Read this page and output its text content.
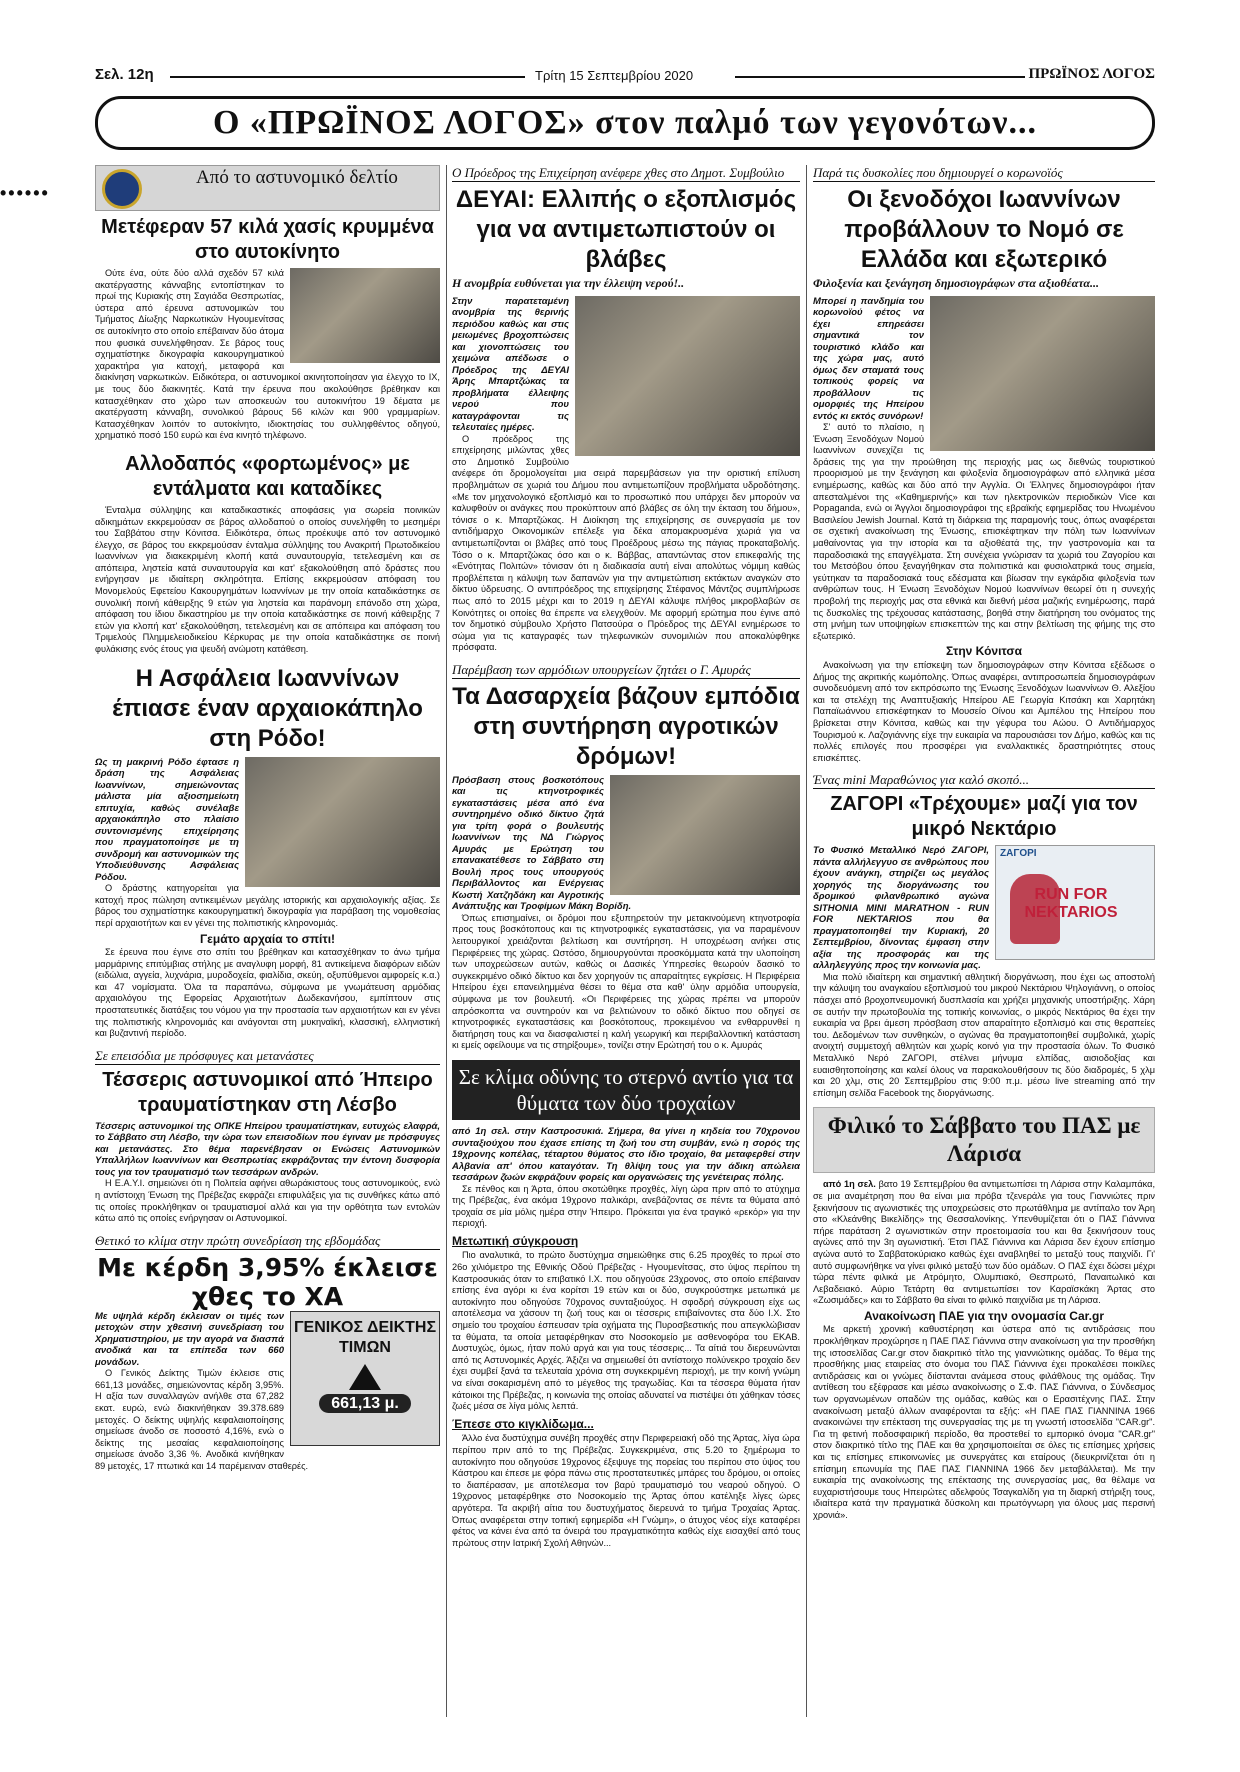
Σελ. 12η	Τρίτη 15 Σεπτεμβρίου 2020	ΠΡΩΪΝΟΣ ΛΟΓΟΣ
Ο «ΠΡΩΪΝΟΣ ΛΟΓΟΣ» στον παλμό των γεγονότων...
••••••
Από το αστυνομικό δελτίο
Μετέφεραν 57 κιλά χασίς κρυμμένα στο αυτοκίνητο

Ούτε ένα, ούτε δύο αλλά σχεδόν 57 κιλά ακατέργαστης κάνναβης εντοπίστηκαν το πρωί της Κυριακής στη Σαγιάδα Θεσπρωτίας, ύστερα από έρευνα αστυνομικών του Τμήματος Δίωξης Ναρκωτικών Ηγουμενίτσας σε αυτοκίνητο στο οποίο επέβαιναν δύο άτομα που φυσικά συνελήφθησαν. Σε βάρος τους σχηματίστηκε δικογραφία κακουργηματικού χαρακτήρα για κατοχή, μεταφορά και διακίνηση ναρκωτικών. Ειδικότερα, οι αστυνομικοί ακινητοποίησαν για έλεγχο το ΙΧ, με τους δύο διακινητές. Κατά την έρευνα που ακολούθησε βρέθηκαν και κατασχέθηκαν στο χώρο των αποσκευών του αυτοκινήτου 19 δέματα με ακατέργαστη κάνναβη, συνολικού βάρους 56 κιλών και 900 γραμμαρίων. Κατασχέθηκαν λοιπόν το αυτοκίνητο, ιδιοκτησίας του συλληφθέντος οδηγού, χρηματικό ποσό 150 ευρώ και ένα κινητό τηλέφωνο.

Αλλοδαπός «φορτωμένος» με εντάλματα και καταδίκες

Ένταλμα σύλληψης και καταδικαστικές αποφάσεις για σωρεία ποινικών αδικημάτων εκκρεμούσαν σε βάρος αλλοδαπού ο οποίος συνελήφθη το μεσημέρι του Σαββάτου στην Κόνιτσα. Ειδικότερα, όπως προέκυψε από τον αστυνομικό έλεγχο, σε βάρος του εκκρεμούσαν ένταλμα σύλληψης του Ανακριτή Πρωτοδικείου Ιωαννίνων για διακεκριμένη κλοπή κατά συναυτουργία, τετελεσμένη και σε απόπειρα, ληστεία κατά συναυτουργία και κατ' εξακολούθηση από δράστες που ενήργησαν με ιδιαίτερη σκληρότητα. Επίσης εκκρεμούσαν απόφαση του Μονομελούς Εφετείου Κακουργημάτων Ιωαννίνων με την οποία καταδικάστηκε σε συνολική ποινή κάθειρξης 9 ετών για ληστεία και παράνομη επάνοδο στη χώρα, απόφαση του ίδιου δικαστηρίου με την οποία καταδικάστηκε σε ποινή κάθειρξης 7 ετών για κλοπή κατ' εξακολούθηση, τετελεσμένη και σε απόπειρα και απόφαση του Τριμελούς Πλημμελειοδικείου Κέρκυρας με την οποία καταδικάστηκε σε ποινή φυλάκισης ενός έτους για ψευδή ανώμοτη κατάθεση.

Η Ασφάλεια Ιωαννίνων έπιασε έναν αρχαιοκάπηλο στη Ρόδο!

Ως τη μακρινή Ρόδο έφτασε η δράση της Ασφάλειας Ιωαννίνων, σημειώνοντας μάλιστα μία αξιοσημείωτη επιτυχία, καθώς συνέλαβε αρχαιοκάπηλο στο πλαίσιο συντονισμένης επιχείρησης που πραγματοποίησε με τη συνδρομή και αστυνομικών της Υποδιεύθυνσης Ασφάλειας Ρόδου.

Ο δράστης κατηγορείται για κατοχή προς πώληση αντικειμένων μεγάλης ιστορικής και αρχαιολογικής αξίας. Σε βάρος του σχηματίστηκε κακουργηματική δικογραφία για παράβαση της νομοθεσίας περί αρχαιοτήτων και εν γένει της πολιτιστικής κληρονομιάς.

Γεμάτο αρχαία το σπίτι!

Σε έρευνα που έγινε στο σπίτι του βρέθηκαν και κατασχέθηκαν το άνω τμήμα μαρμάρινης επιτύμβιας στήλης με αναγλυφη μορφή, 81 αντικείμενα διαφόρων ειδών (ειδώλια, αγγεία, λυχνάρια, μυροδοχεία, φιαλίδια, σκεύη, οξυπύθμενοι αμφορείς κ.α.) και 47 νομίσματα. Όλα τα παραπάνω, σύμφωνα με γνωμάτευση αρμόδιας αρχαιολόγου της Εφορείας Αρχαιοτήτων Δωδεκανήσου, εμπίπτουν στις προστατευτικές διατάξεις του νόμου για την προστασία των αρχαιοτήτων και εν γένει της πολιτιστικής κληρονομιάς και ανάγονται στη μυκηναϊκή, κλασσική, ελληνιστική και βυζαντινή περίοδο.

Σε επεισόδια με πρόσφυγες και μετανάστες
Τέσσερις αστυνομικοί από Ήπειρο τραυματίστηκαν στη Λέσβο

Τέσσερις αστυνομικοί της ΟΠΚΕ Ηπείρου τραυματίστηκαν, ευτυχώς ελαφρά, το Σάββατο στη Λέσβο, την ώρα των επεισοδίων που έγιναν με πρόσφυγες και μετανάστες. Στο θέμα παρενέβησαν οι Ενώσεις Αστυνομικών Υπαλλήλων Ιωαννίνων και Θεσπρωτίας εκφράζοντας την έντονη δυσφορία τους για τον τραυματισμό των τεσσάρων ανδρών.

Η Ε.Α.Υ.Ι. σημειώνει ότι η Πολιτεία αφήνει αθωράκιστους τους αστυνομικούς, ενώ η αντίστοιχη Ένωση της Πρέβεζας εκφράζει επιφυλάξεις για τις συνθήκες κάτω από τις οποίες προκλήθηκαν οι τραυματισμοί αλλά και για την ορθότητα των εντολών κάτω από τις οποίες ενήργησαν οι Αστυνομικοί.

Θετικό το κλίμα στην πρώτη συνεδρίαση της εβδομάδας
Με κέρδη 3,95% έκλεισε χθες το ΧΑ
ΓΕΝΙΚΟΣ ΔΕΙΚΤΗΣ ΤΙΜΩΝ
661,13 μ.

Με υψηλά κέρδη έκλεισαν οι τιμές των μετοχών στην χθεσινή συνεδρίαση του Χρηματιστηρίου, με την αγορά να διασπά ανοδικά και τα επίπεδα των 660 μονάδων.

Ο Γενικός Δείκτης Τιμών έκλεισε στις 661,13 μονάδες, σημειώνοντας κέρδη 3,95%. Η αξία των συναλλαγών ανήλθε στα 67,282 εκατ. ευρώ, ενώ διακινήθηκαν 39.378.689 μετοχές. Ο δείκτης υψηλής κεφαλαιοποίησης σημείωσε άνοδο σε ποσοστό 4,16%, ενώ ο δείκτης της μεσαίας κεφαλαιοποίησης σημείωσε άνοδο 3,36 %. Ανοδικά κινήθηκαν 89 μετοχές, 17 πτωτικά και 14 παρέμειναν σταθερές.

Ο Πρόεδρος της Επιχείρηση ανέφερε χθες στο Δημοτ. Συμβούλιο
ΔΕΥΑΙ: Ελλιπής ο εξοπλισμός για να αντιμετωπιστούν οι βλάβες
Η ανομβρία ευθύνεται για την έλλειψη νερού!..

Στην παρατεταμένη ανομβρία της θερινής περιόδου καθώς και στις μειωμένες βροχοπτώσεις και χιονοπτώσεις του χειμώνα απέδωσε ο Πρόεδρος της ΔΕΥΑΙ Άρης Μπαρτζώκας τα προβλήματα έλλειψης νερού που καταγράφονται τις τελευταίες ημέρες.

Ο πρόεδρος της επιχείρησης μιλώντας χθες στο Δημοτικό Συμβούλιο ανέφερε ότι δρομολογείται μια σειρά παρεμβάσεων για την οριστική επίλυση προβλημάτων σε χωριά του Δήμου που αντιμετωπίζουν προβλήματα υδροδότησης. «Με τον μηχανολογικό εξοπλισμό και το προσωπικό που υπάρχει δεν μπορούν να καλυφθούν οι ανάγκες που προκύπτουν από βλάβες σε όλη την έκταση του δήμου», τόνισε ο κ. Μπαρτζώκας. Η Διοίκηση της επιχείρησης σε συνεργασία με τον αντιδήμαρχο Οικονομικών επέλεξε για δέκα απομακρυσμένα χωριά για να αντιμετωπίζονται οι βλάβες από τους Προέδρους μέσω της πάγιας προκαταβολής. Τόσο ο κ. Μπαρτζώκας όσο και ο κ. Βάββας, απαντώντας στον επικεφαλής της «Ενότητας Πολιτών» τόνισαν ότι η διαδικασία αυτή είναι απολύτως νόμιμη καθώς προβλέπεται η κάλυψη των δαπανών για την αντιμετώπιση εκτάκτων αναγκών στο δίκτυο ύδρευσης. Ο αντιπρόεδρος της επιχείρησης Στέφανος Μάντζος συμπλήρωσε πως από το 2015 μέχρι και το 2019 η ΔΕΥΑΙ κάλυψε πλήθος μικροβλαβών σε Κοινότητες οι οποίες θα έπρεπε να ελεγχθούν. Με αφορμή ερώτημα που έγινε από τον δημοτικό σύμβουλο Χρήστο Πατσούρα ο Πρόεδρος της ΔΕΥΑΙ ενημέρωσε το σώμα για τις καταγραφές των τηλεφωνικών συνομιλιών που αποκαλύφθηκε πρόσφατα.

Παρέμβαση των αρμόδιων υπουργείων ζητάει ο Γ. Αμυράς
Τα Δασαρχεία βάζουν εμπόδια στη συντήρηση αγροτικών δρόμων!

Πρόσβαση στους βοσκοτόπους και τις κτηνοτροφικές εγκαταστάσεις μέσα από ένα συντηρημένο οδικό δίκτυο ζητά για τρίτη φορά ο βουλευτής Ιωαννίνων της ΝΔ Γιώργος Αμυράς με Ερώτηση του επανακατέθεσε το Σάββατο στη Βουλή προς τους υπουργούς Περιβάλλοντος και Ενέργειας Κωστή Χατζηδάκη και Αγροτικής Ανάπτυξης και Τροφίμων Μάκη Βορίδη.

Όπως επισημαίνει, οι δρόμοι που εξυπηρετούν την μετακινούμενη κτηνοτροφία προς τους βοσκότοπους και τις κτηνοτροφικές εγκαταστάσεις, για να παραμένουν λειτουργικοί χρειάζονται βελτίωση και συντήρηση. Η υποχρέωση ανήκει στις Περιφέρειες της χώρας. Ωστόσο, δημιουργούνται προσκόμματα κατά την υλοποίηση των υποχρεώσεων αυτών, καθώς οι Δασικές Υπηρεσίες θεωρούν δασικό το συγκεκριμένο οδικό δίκτυο και δεν χορηγούν τις απαραίτητες εγκρίσεις. Η Περιφέρεια Ηπείρου έχει επανειλημμένα θέσει το θέμα στα καθ' ύλην αρμόδια υπουργεία, σύμφωνα με τον βουλευτή. «Οι Περιφέρειες της χώρας πρέπει να μπορούν απρόσκοπτα να συντηρούν και να βελτιώνουν το οδικό δίκτυο που οδηγεί σε κτηνοτροφικές εγκαταστάσεις και βοσκότοπους, προκειμένου να ενθαρρυνθεί η διατήρηση τους και να διασφαλιστεί η καλή γεωργική και περιβαλλοντική κατάσταση κι εμείς οφείλουμε να τις στηρίξουμε», τονίζει στην Ερώτησή του ο κ. Αμυράς

Σε κλίμα οδύνης το στερνό αντίο για τα θύματα των δύο τροχαίων

από 1η σελ. στην Καστροσυκιά. Σήμερα, θα γίνει η κηδεία του 70χρονου συνταξιούχου που έχασε επίσης τη ζωή του στη συμβάν, ενώ η σορός της 19χρονης κοπέλας, τέταρτου θύματος στο ίδιο τροχαίο, θα μεταφερθεί στην Αλβανία απ' όπου καταγόταν. Τη θλίψη τους για την άδικη απώλεια τεσσάρων ζωών εκφράζουν φορείς και οργανώσεις της γενέτειρας πόλης.

Σε πένθος και η Άρτα, όπου σκοτώθηκε προχθές, λίγη ώρα πριν από το ατύχημα της Πρέβεζας, ένα ακόμα 19χρονο παλικάρι, ανεβάζοντας σε πέντε τα θύματα από τροχαία σε μία μόλις ημέρα στην Ήπειρο. Πρόκειται για ένα τραγικό «ρεκόρ» για την περιοχή.

Μετωπική σύγκρουση

Πιο αναλυτικά, το πρώτο δυστύχημα σημειώθηκε στις 6.25 προχθές το πρωί στο 26ο χιλιόμετρο της Εθνικής Οδού Πρέβεζας - Ηγουμενίτσας, στο ύψος περίπου τη Καστροσυκιάς όταν το επιβατικό Ι.Χ. που οδηγούσε 23χρονος, στο οποίο επέβαιναν επίσης ένα αγόρι κι ένα κορίτσι 19 ετών και οι δύο, συγκρούστηκε μετωπικά με αυτοκίνητο που οδηγούσε 70χρονος συνταξιούχος. Η σφοδρή σύγκρουση είχε ως αποτέλεσμα να χάσουν τη ζωή τους και οι τέσσερις επιβαίνοντες στα δύο Ι.Χ. Στο σημείο του τροχαίου έσπευσαν τρία οχήματα της Πυροσβεστικής που απεγκλώβισαν τα θύματα, τα οποία μεταφέρθηκαν στο Νοσοκομείο με ασθενοφόρα του ΕΚΑΒ. Δυστυχώς, όμως, ήταν πολύ αργά και για τους τέσσερις... Τα αίτιά του διερευνώνται από τις Αστυνομικές Αρχές. Άξιζει να σημειωθεί ότι αντίστοιχο πολύνεκρο τροχαίο δεν έχει συμβεί ξανά τα τελευταία χρόνια στη συγκεκριμένη περιοχή, με την κοινή γνώμη να είναι σοκαρισμένη από το μέγεθος της τραγωδίας. Και τα τέσσερα θύματα ήταν κάτοικοι της Πρέβεζας, η κοινωνία της οποίας αδυνατεί να πιστέψει ότι χάθηκαν τόσες ζωές μέσα σε λίγα μόλις λεπτά.

Έπεσε στο κιγκλίδωμα...

Άλλο ένα δυστύχημα συνέβη προχθές στην Περιφερειακή οδό της Άρτας, λίγα ώρα περίπου πριν από το της Πρέβεζας. Συγκεκριμένα, στις 5.20 το ξημέρωμα το αυτοκίνητο που οδηγούσε 19χρονος έξεψυγε της πορείας του περίπου στο ύψος του Κάστρου και έπεσε με φόρα πάνω στις προστατευτικές μπάρες του δρόμου, οι οποίες το διαπέρασαν, με αποτέλεσμα τον βαρύ τραυματισμό του νεαρού οδηγού. Ο 19χρονος μεταφέρθηκε στο Νοσοκομείο της Άρτας όπου κατέληξε λίγες ώρες αργότερα. Τα ακριβή αίτια του δυστυχήματος διερευνά το τμήμα Τροχαίας Άρτας. Όπως αναφέρεται στην τοπική εφημερίδα «Η Γνώμη», ο άτυχος νέος είχε καταφέρει φέτος να κάνει ένα από τα όνειρά του πραγματικότητα καθώς είχε εισαχθεί από τους πρώτους στην Ιατρική Σχολή Αθηνών...

Παρά τις δυσκολίες που δημιουργεί ο κορωνοϊός
Οι ξενοδόχοι Ιωαννίνων προβάλλουν το Νομό σε Ελλάδα και εξωτερικό
Φιλοξενία και ξενάγηση δημοσιογράφων στα αξιοθέατα...

Μπορεί η πανδημία του κορωνοϊού φέτος να έχει επηρεάσει σημαντικά τον τουριστικό κλάδο και της χώρα μας, αυτό όμως δεν σταματά τους τοπικούς φορείς να προβάλλουν τις ομορφιές της Ηπείρου εντός κι εκτός συνόρων!

Σ' αυτό το πλαίσιο, η Ένωση Ξενοδόχων Νομού Ιωαννίνων συνεχίζει τις δράσεις της για την προώθηση της περιοχής μας ως διεθνώς τουριστικού προορισμού με την ξενάγηση και φιλοξενία δημοσιογράφων από ελληνικά μέσα ενημέρωσης, καθώς και δύο από την Αγγλία. Οι Έλληνες δημοσιογράφοι ήταν απεσταλμένοι της «Καθημερινής» και των ηλεκτρονικών περιοδικών Vice και Popaganda, ενώ οι Άγγλοι δημοσιογράφοι της εβραϊκής εφημερίδας του Ηνωμένου Βασιλείου Jewish Journal. Κατά τη διάρκεια της παραμονής τους, όπως αναφέρεται σε σχετική ανακοίνωση της Ένωσης, επισκέφτηκαν την πόλη των Ιωαννίνων μαθαίνοντας για την ιστορία και τα αξιοθέατά της, την γαστρονομία και τα παραδοσιακά της επαγγέλματα. Στη συνέχεια γνώρισαν τα χωριά του Ζαγορίου και του Μετσόβου όπου ξεναγήθηκαν στα πολιτιστικά και φυσιολατρικά τους σημεία, γεύτηκαν τα παραδοσιακά τους εδέσματα και βίωσαν την εγκάρδια φιλοξενία των ανθρώπων τους. Η Ένωση Ξενοδόχων Νομού Ιωαννίνων θεωρεί ότι η συνεχής προβολή της περιοχής μας στα εθνικά και διεθνή μέσα μαζικής ενημέρωσης, παρά τις δυσκολίες της τρέχουσας κατάστασης, βοηθά στην διατήρηση του ονόματος της στη μνήμη των υποψηφίων επισκεπτών της και στην βελτίωση της φήμης της στο εξωτερικό.

Στην Κόνιτσα

Ανακοίνωση για την επίσκεψη των δημοσιογράφων στην Κόνιτσα εξέδωσε ο Δήμος της ακριτικής κωμόπολης. Όπως αναφέρει, αντιπροσωπεία δημοσιογράφων συνοδευόμενη από τον εκπρόσωπο της Ένωσης Ξενοδόχων Ιωαννίνων Θ. Αλεξίου και τα στελέχη της Αναπτυξιακής Ηπείρου ΑΕ Γεωργία Κιτσάκη και Χαρητάκη Παπαϊωάννου επισκέφτηκαν το Μουσείο Οίνου και Αμπέλου της Ηπείρου που βρίσκεται στην Κόνιτσα, καθώς και την γέφυρα του Αώου. Ο Αντιδήμαρχος Τουρισμού κ. Λαζογιάννης είχε την ευκαιρία να παρουσιάσει τον Δήμο, καθώς και τις πολλές επιλογές που προσφέρει για εναλλακτικές δραστηριότητες στους επισκέπτες.

Ένας mini Μαραθώνιος για καλό σκοπό...
ΖΑΓΟΡΙ «Τρέχουμε» μαζί για τον μικρό Νεκτάριο
ΖΑΓΟΡΙ
RUN FOR NEKTARIOS

Το Φυσικό Μεταλλικό Νερό ΖΑΓΟΡΙ, πάντα αλλήλεγγυο σε ανθρώπους που έχουν ανάγκη, στηρίζει ως μεγάλος χορηγός της διοργάνωσης του δρομικού φιλανθρωπικό αγώνα SITHONIA MINI MARATHON - RUN FOR NEKTARIOS που θα πραγματοποιηθεί την Κυριακή, 20 Σεπτεμβρίου, δίνοντας έμφαση στην αξία της προσφοράς και της αλληλεγγύης προς την κοινωνία μας.

Μια πολύ ιδιαίτερη και σημαντική αθλητική διοργάνωση, που έχει ως αποστολή την κάλυψη του αναγκαίου εξοπλισμού του μικρού Νεκτάριου Ψηλογιάννη, ο οποίος πάσχει από βροχοπνευμονική δυσπλασία και χρήζει μηχανικής υποστήριξης. Χάρη σε αυτήν την πρωτοβουλία της τοπικής κοινωνίας, ο μικρός Νεκτάριος θα έχει την ευκαιρία να βρει άμεση πρόσβαση στον απαραίτητο εξοπλισμό και στις θεραπείες του. Δεδομένων των συνθηκών, ο αγώνας θα πραγματοποιηθεί συμβολικά, χωρίς ανοιχτή συμμετοχή αθλητών και χωρίς κοινό για την προστασία όλων. Το Φυσικό Μεταλλικό Νερό ΖΑΓΟΡΙ, στέλνει μήνυμα ελπίδας, αισιοδοξίας και ευαισθητοποίησης και καλεί όλους να παρακολουθήσουν τις δύο διαδρομές, 5 χλμ και 20 χλμ, στις 20 Σεπτεμβρίου στις 9:00 π.μ. μέσω live streaming από την επίσημη σελίδα Facebook της διοργάνωσης.

Φιλικό το Σάββατο του ΠΑΣ με Λάρισα

από 1η σελ. βατο 19 Σεπτεμβρίου θα αντιμετωπίσει τη Λάρισα στην Καλαμπάκα, σε μια αναμέτρηση που θα είναι μια πρόβα τζενεράλε για τους Γιαννιώτες πριν ξεκινήσουν τις αγωνιστικές της υποχρεώσεις στο πρωτάθλημα με αντίπαλο τον Άρη στο «Κλεάνθης Βικελίδης» της Θεσσαλονίκης. Υπενθυμίζεται ότι ο ΠΑΣ Γιάννινα πήρε παράταση 2 αγωνιστικών στην προετοιμασία του και θα ξεκινήσουν τους αγώνες από την 3η αγωνιστική. Έτσι ΠΑΣ Γιάννινα και Λάρισα δεν έχουν επίσημο αγώνα αυτό το Σαββατοκύριακο καθώς έχει αναβληθεί το μεταξύ τους παιχνίδι. Γι' αυτό συμφωνήθηκε να γίνει φιλικό μεταξύ των δύο ομάδων. Ο ΠΑΣ έχει δώσει μέχρι τώρα πέντε φιλικά με Ατρόμητο, Ολυμπιακό, Θεσπρωτό, Παναιτωλικό και Λεβαδειακό. Αύριο Τετάρτη θα αντιμετωπίσει τον Καραϊσκάκη Άρτας στο «Ζωσιμάδες» και το Σάββατο θα είναι το φιλικό παιχνίδια με τη Λάρισα.

Ανακοίνωση ΠΑΕ για την ονομασία Car.gr

Με αρκετή χρονική καθυστέρηση και ύστερα από τις αντιδράσεις που προκλήθηκαν προχώρησε η ΠΑΕ ΠΑΣ Γιάννινα στην ανακοίνωση για την προσθήκη της ιστοσελίδας Car.gr στον διακριτικό τίτλο της γιαννιώτικης ομάδας. Το θέμα της προσθήκης μιας εταιρείας στο όνομα του ΠΑΣ Γιάννινα έχει προκαλέσει ποικίλες αντιδράσεις και οι γνώμες διίστανται ανάμεσα στους φιλάθλους της ομάδας. Την αντίθεση του εξέφρασε και μέσω ανακοίνωσης ο Σ.Φ. ΠΑΣ Γιάννινα, ο Σύνδεσμος των οργανωμένων οπαδών της ομάδας, καθώς και ο Ερασιτέχνης ΠΑΣ. Στην ανακοίνωση μεταξύ άλλων αναφέρονται τα εξής: «Η ΠΑΕ ΠΑΣ ΓΙΑΝΝΙΝΑ 1966 ανακοινώνει την επέκταση της συνεργασίας της με τη γνωστή ιστοσελίδα "CAR.gr". Για τη φετινή ποδοσφαιρική περίοδο, θα προστεθεί το εμπορικό όνομα "CAR.gr" στον διακριτικό τίτλο της ΠΑΕ και θα χρησιμοποιείται σε όλες τις επίσημες χρήσεις και τις επίσημες επικοινωνίες με συνεργάτες και εταίρους (διευκρινίζεται ότι η επίσημη επωνυμία της ΠΑΕ ΠΑΣ ΓΙΑΝΝΙΝΑ 1966 δεν μεταβάλλεται). Με την ευκαιρία της ανακοίνωσης της επέκτασης της συνεργασίας μας, θα θέλαμε να ευχαριστήσουμε τους Ηπειρώτες αδελφούς Τσαγκαλίδη για τη διαρκή στήριξη τους, ιδιαίτερα κατά την πραγματικά δύσκολη και πρωτόγνωρη για όλους μας περσινή χρονιά».
